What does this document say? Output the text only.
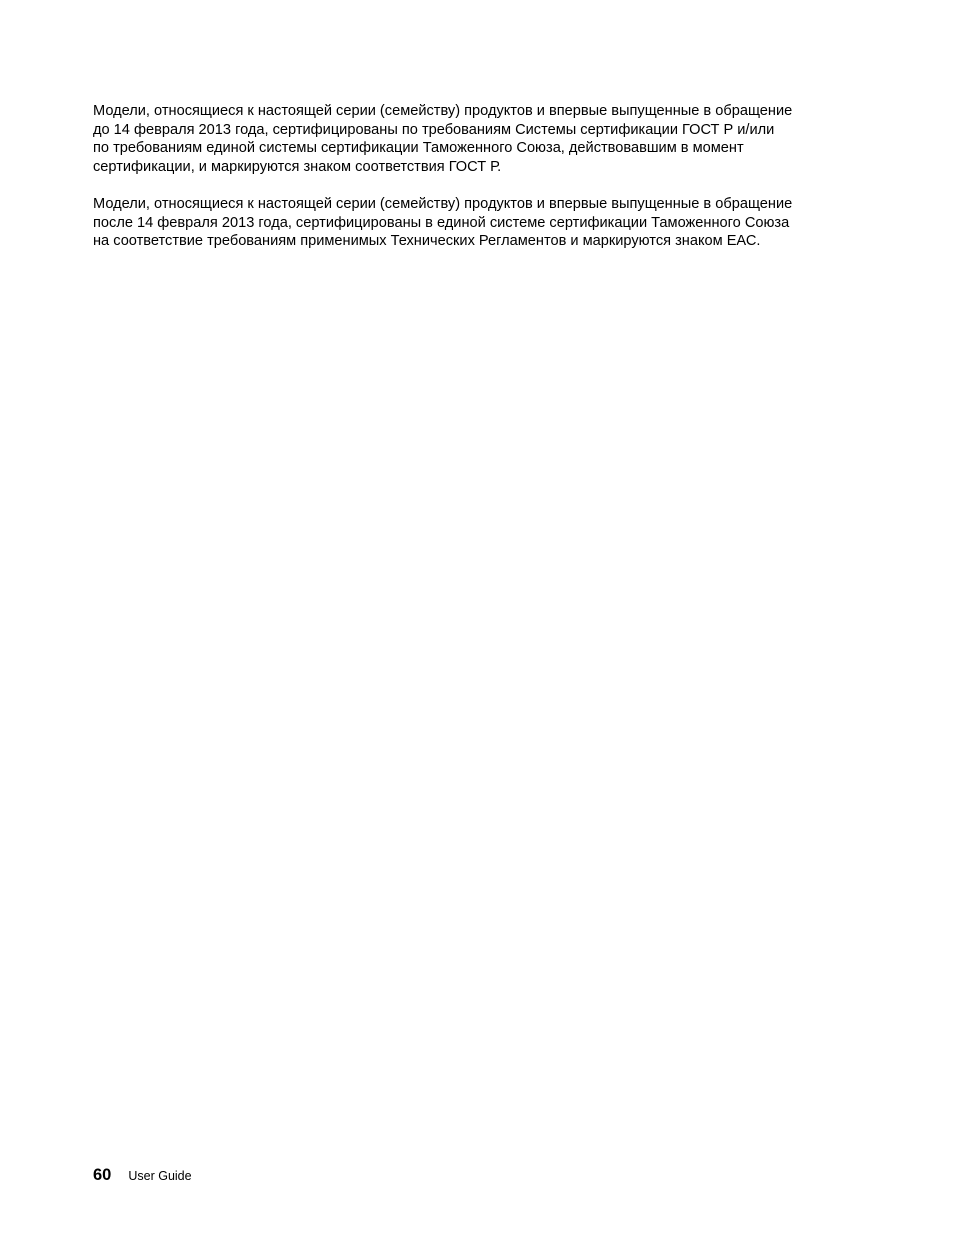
Модели, относящиеся к настоящей серии (семейству) продуктов и впервые выпущенные в обращение
до 14 февраля 2013 года, сертифицированы по требованиям Системы сертификации ГОСТ Р и/или
по требованиям единой системы сертификации Таможенного Союза, действовавшим в момент
сертификации, и маркируются знаком соответствия ГОСТ Р.

Модели, относящиеся к настоящей серии (семейству) продуктов и впервые выпущенные в обращение
после 14 февраля 2013 года, сертифицированы в единой системе сертификации Таможенного Союза
на соответствие требованиям применимых Технических Регламентов и маркируются знаком ЕАС.

60 User Guide
